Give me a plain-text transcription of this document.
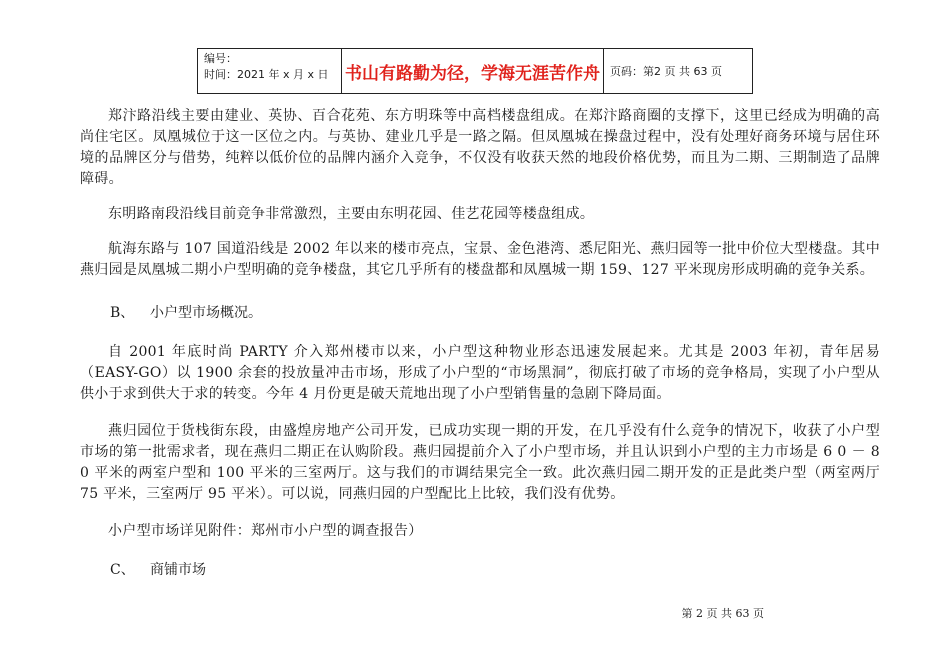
编号：
时间：2021 年 x 月 x 日 书山有路勤为径，学海无涯苦作舟 页码：第 2
页 共
63
页

郑汴路沿线主要由建业、英协、百合花苑、东方明珠等中高档楼盘组成。在郑汴路商圈的支撑下，这里已经成为明确的高尚住宅区。凤凰城位于这一区位之内。与英协、建业几乎是一路之隔。但凤凰城在操盘过程中，没有处理好商务环境与居住环境的品牌区分与借势，纯粹以低价位的品牌内涵介入竞争，不仅没有收获天然的地段价格优势，而且为二期、三期制造了品牌障碍。

东明路南段沿线目前竞争非常激烈，主要由东明花园、佳艺花园等楼盘组成。

航海东路与 107 国道沿线是 2002 年以来的楼市亮点，宝景、金色港湾、悉尼阳光、燕归园等一批中价位大型楼盘。其中燕归园是凤凰城二期小户型明确的竞争楼盘，其它几乎所有的楼盘都和凤凰城一期 159、127 平米现房形成明确的竞争关系。

B、 小户型市场概况。

自 2001 年底时尚 PARTY 介入郑州楼市以来，小户型这种物业形态迅速发展起来。尤其是 2003 年初，青年居易（EASY-GO）以 1900 余套的投放量冲击市场，形成了小户型的“市场黑洞”，彻底打破了市场的竞争格局，实现了小户型从供小于求到供大于求的转变。今年 4 月份更是破天荒地出现了小户型销售量的急剧下降局面。

燕归园位于货栈街东段，由盛煌房地产公司开发，已成功实现一期的开发，在几乎没有什么竞争的情况下，收获了小户型市场的第一批需求者，现在燕归二期正在认购阶段。燕归园提前介入了小户型市场，并且认识到小户型的主力市场是 6 0 － 8 0 平米的两室户型和 100 平米的三室两厅。这与我们的市调结果完全一致。此次燕归园二期开发的正是此类户型（两室两厅 75 平米，三室两厅 95 平米）。可以说，同燕归园的户型配比上比较，我们没有优势。

小户型市场详见附件：郑州市小户型的调查报告）

C、 商铺市场

第 2 页 共 63 页
